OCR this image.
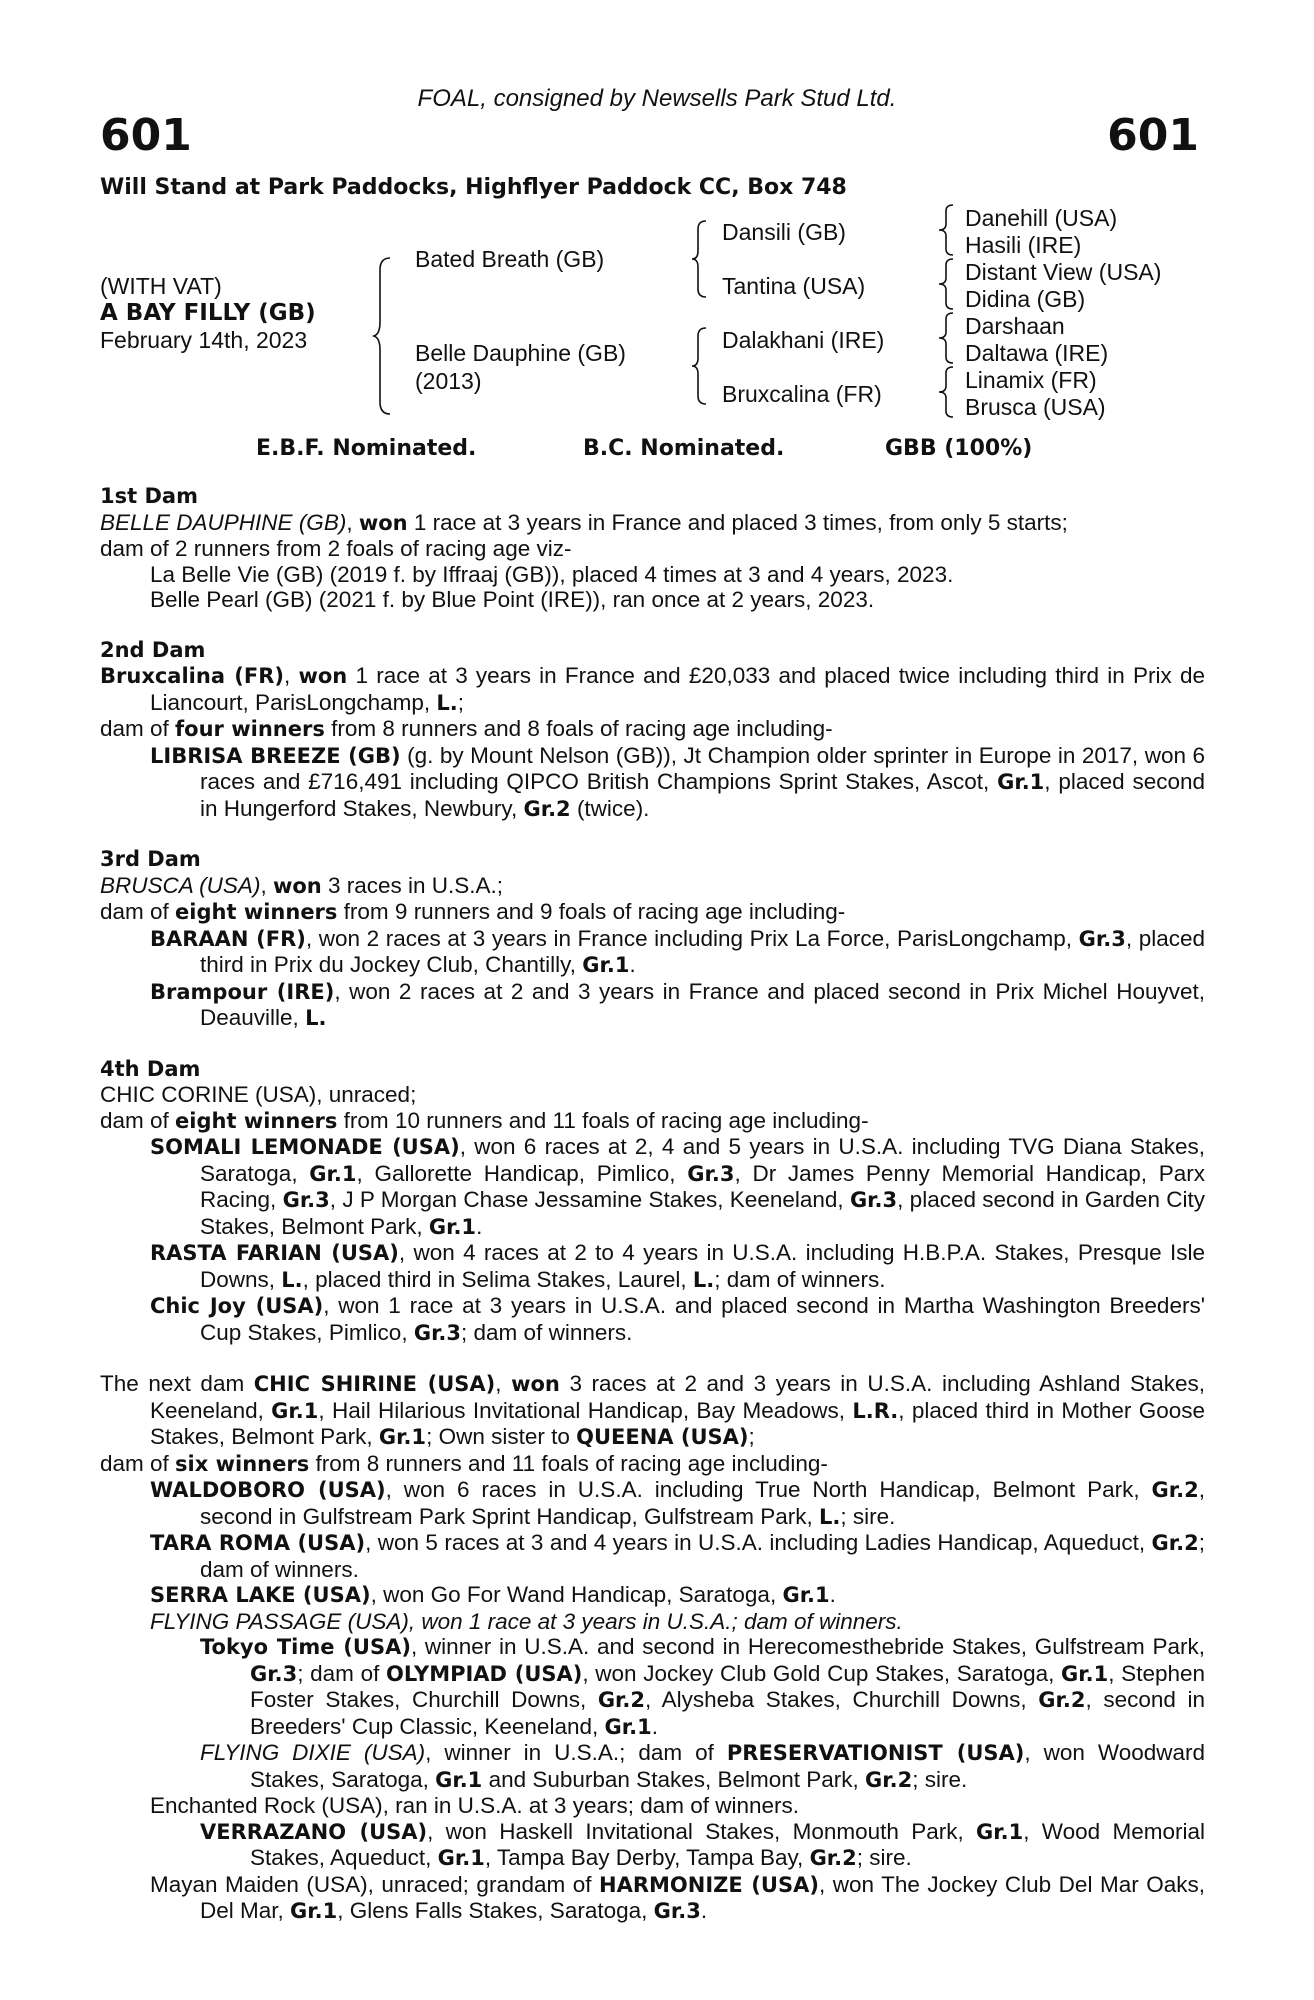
FOAL, consigned by Newsells Park Stud Ltd.
601	601
Will Stand at Park Paddocks, Highflyer Paddock CC, Box 748
(WITH VAT)
A BAY FILLY (GB)
February 14th, 2023
Bated Breath (GB)
Belle Dauphine (GB)
(2013)
Dansili (GB)
Tantina (USA)
Dalakhani (IRE)
Bruxcalina (FR)
Danehill (USA)
Hasili (IRE)
Distant View (USA)
Didina (GB)
Darshaan
Daltawa (IRE)
Linamix (FR)
Brusca (USA)
E.B.F. Nominated.	B.C. Nominated.	GBB (100%)

1st Dam

BELLE DAUPHINE (GB), won 1 race at 3 years in France and placed 3 times, from only 5 starts;

dam of 2 runners from 2 foals of racing age viz-

La Belle Vie (GB) (2019 f. by Iffraaj (GB)), placed 4 times at 3 and 4 years, 2023.

Belle Pearl (GB) (2021 f. by Blue Point (IRE)), ran once at 2 years, 2023.

2nd Dam

Bruxcalina (FR), won 1 race at 3 years in France and £20,033 and placed twice including third in Prix de Liancourt, ParisLongchamp, L.;

dam of four winners from 8 runners and 8 foals of racing age including-

LIBRISA BREEZE (GB) (g. by Mount Nelson (GB)), Jt Champion older sprinter in Europe in 2017, won 6 races and £716,491 including QIPCO British Champions Sprint Stakes, Ascot, Gr.1, placed second in Hungerford Stakes, Newbury, Gr.2 (twice).

3rd Dam

BRUSCA (USA), won 3 races in U.S.A.;

dam of eight winners from 9 runners and 9 foals of racing age including-

BARAAN (FR), won 2 races at 3 years in France including Prix La Force, ParisLongchamp, Gr.3, placed third in Prix du Jockey Club, Chantilly, Gr.1.

Brampour (IRE), won 2 races at 2 and 3 years in France and placed second in Prix Michel Houyvet, Deauville, L.

4th Dam

CHIC CORINE (USA), unraced;

dam of eight winners from 10 runners and 11 foals of racing age including-

SOMALI LEMONADE (USA), won 6 races at 2, 4 and 5 years in U.S.A. including TVG Diana Stakes, Saratoga, Gr.1, Gallorette Handicap, Pimlico, Gr.3, Dr James Penny Memorial Handicap, Parx Racing, Gr.3, J P Morgan Chase Jessamine Stakes, Keeneland, Gr.3, placed second in Garden City Stakes, Belmont Park, Gr.1.

RASTA FARIAN (USA), won 4 races at 2 to 4 years in U.S.A. including H.B.P.A. Stakes, Presque Isle Downs, L., placed third in Selima Stakes, Laurel, L.; dam of winners.

Chic Joy (USA), won 1 race at 3 years in U.S.A. and placed second in Martha Washington Breeders' Cup Stakes, Pimlico, Gr.3; dam of winners.

The next dam CHIC SHIRINE (USA), won 3 races at 2 and 3 years in U.S.A. including Ashland Stakes, Keeneland, Gr.1, Hail Hilarious Invitational Handicap, Bay Meadows, L.R., placed third in Mother Goose Stakes, Belmont Park, Gr.1; Own sister to QUEENA (USA);

dam of six winners from 8 runners and 11 foals of racing age including-

WALDOBORO (USA), won 6 races in U.S.A. including True North Handicap, Belmont Park, Gr.2, second in Gulfstream Park Sprint Handicap, Gulfstream Park, L.; sire.

TARA ROMA (USA), won 5 races at 3 and 4 years in U.S.A. including Ladies Handicap, Aqueduct, Gr.2; dam of winners.

SERRA LAKE (USA), won Go For Wand Handicap, Saratoga, Gr.1.

FLYING PASSAGE (USA), won 1 race at 3 years in U.S.A.; dam of winners.

Tokyo Time (USA), winner in U.S.A. and second in Herecomesthebride Stakes, Gulfstream Park, Gr.3; dam of OLYMPIAD (USA), won Jockey Club Gold Cup Stakes, Saratoga, Gr.1, Stephen Foster Stakes, Churchill Downs, Gr.2, Alysheba Stakes, Churchill Downs, Gr.2, second in Breeders' Cup Classic, Keeneland, Gr.1.

FLYING DIXIE (USA), winner in U.S.A.; dam of PRESERVATIONIST (USA), won Woodward Stakes, Saratoga, Gr.1 and Suburban Stakes, Belmont Park, Gr.2; sire.

Enchanted Rock (USA), ran in U.S.A. at 3 years; dam of winners.

VERRAZANO (USA), won Haskell Invitational Stakes, Monmouth Park, Gr.1, Wood Memorial Stakes, Aqueduct, Gr.1, Tampa Bay Derby, Tampa Bay, Gr.2; sire.

Mayan Maiden (USA), unraced; grandam of HARMONIZE (USA), won The Jockey Club Del Mar Oaks, Del Mar, Gr.1, Glens Falls Stakes, Saratoga, Gr.3.
